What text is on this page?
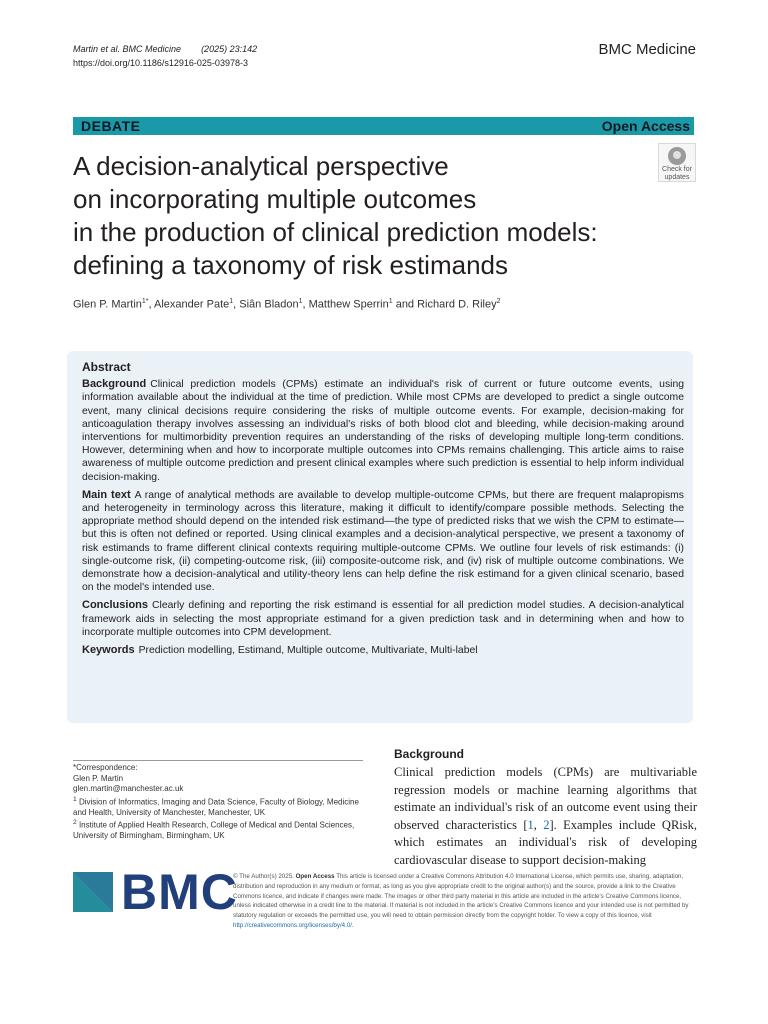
Martin et al. BMC Medicine (2025) 23:142
https://doi.org/10.1186/s12916-025-03978-3
BMC Medicine
DEBATE	Open Access
Check for
updates
A decision-analytical perspective
on incorporating multiple outcomes
in the production of clinical prediction models:
defining a taxonomy of risk estimands
Glen P. Martin$^{1*}$, Alexander Pate$^1$, Siân Bladon$^1$, Matthew Sperrin$^1$ and Richard D. Riley$^2$
Abstract

Background Clinical prediction models (CPMs) estimate an individual's risk of current or future outcome events, using information available about the individual at the time of prediction. While most CPMs are developed to predict a single outcome event, many clinical decisions require considering the risks of multiple outcome events. For example, decision-making for anticoagulation therapy involves assessing an individual's risks of both blood clot and bleeding, while decision-making around interventions for multimorbidity prevention requires an understanding of the risks of developing multiple long-term conditions. However, determining when and how to incorporate multiple outcomes into CPMs remains challenging. This article aims to raise awareness of multiple outcome prediction and present clinical examples where such prediction is essential to help inform individual decision-making.

Main text A range of analytical methods are available to develop multiple-outcome CPMs, but there are frequent malapropisms and heterogeneity in terminology across this literature, making it difficult to identify/compare possible methods. Selecting the appropriate method should depend on the intended risk estimand—the type of predicted risks that we wish the CPM to estimate—but this is often not defined or reported. Using clinical examples and a decision-analytical perspective, we present a taxonomy of risk estimands to frame different clinical contexts requiring multiple-outcome CPMs. We outline four levels of risk estimands: (i) single-outcome risk, (ii) competing-outcome risk, (iii) composite-outcome risk, and (iv) risk of multiple outcome combinations. We demonstrate how a decision-analytical and utility-theory lens can help define the risk estimand for a given clinical scenario, based on the model's intended use.

Conclusions Clearly defining and reporting the risk estimand is essential for all prediction model studies. A decision-analytical framework aids in selecting the most appropriate estimand for a given prediction task and in determining when and how to incorporate multiple outcomes into CPM development.

Keywords Prediction modelling, Estimand, Multiple outcome, Multivariate, Multi-label

*Correspondence:
Glen P. Martin
glen.martin@manchester.ac.uk
$^1$ Division of Informatics, Imaging and Data Science, Faculty of Biology, Medicine and Health, University of Manchester, Manchester, UK
$^2$ Institute of Applied Health Research, College of Medical and Dental Sciences, University of Birmingham, Birmingham, UK
Background
Clinical prediction models (CPMs) are multivariable regression models or machine learning algorithms that estimate an individual's risk of an outcome event using their observed characteristics [1, 2]. Examples include QRisk, which estimates an individual's risk of developing cardiovascular disease to support decision-making
BMC
© The Author(s) 2025. Open Access This article is licensed under a Creative Commons Attribution 4.0 International License, which permits use, sharing, adaptation, distribution and reproduction in any medium or format, as long as you give appropriate credit to the original author(s) and the source, provide a link to the Creative Commons licence, and indicate if changes were made. The images or other third party material in this article are included in the article's Creative Commons licence, unless indicated otherwise in a credit line to the material. If material is not included in the article's Creative Commons licence and your intended use is not permitted by statutory regulation or exceeds the permitted use, you will need to obtain permission directly from the copyright holder. To view a copy of this licence, visit http://creativecommons.org/licenses/by/4.0/.
